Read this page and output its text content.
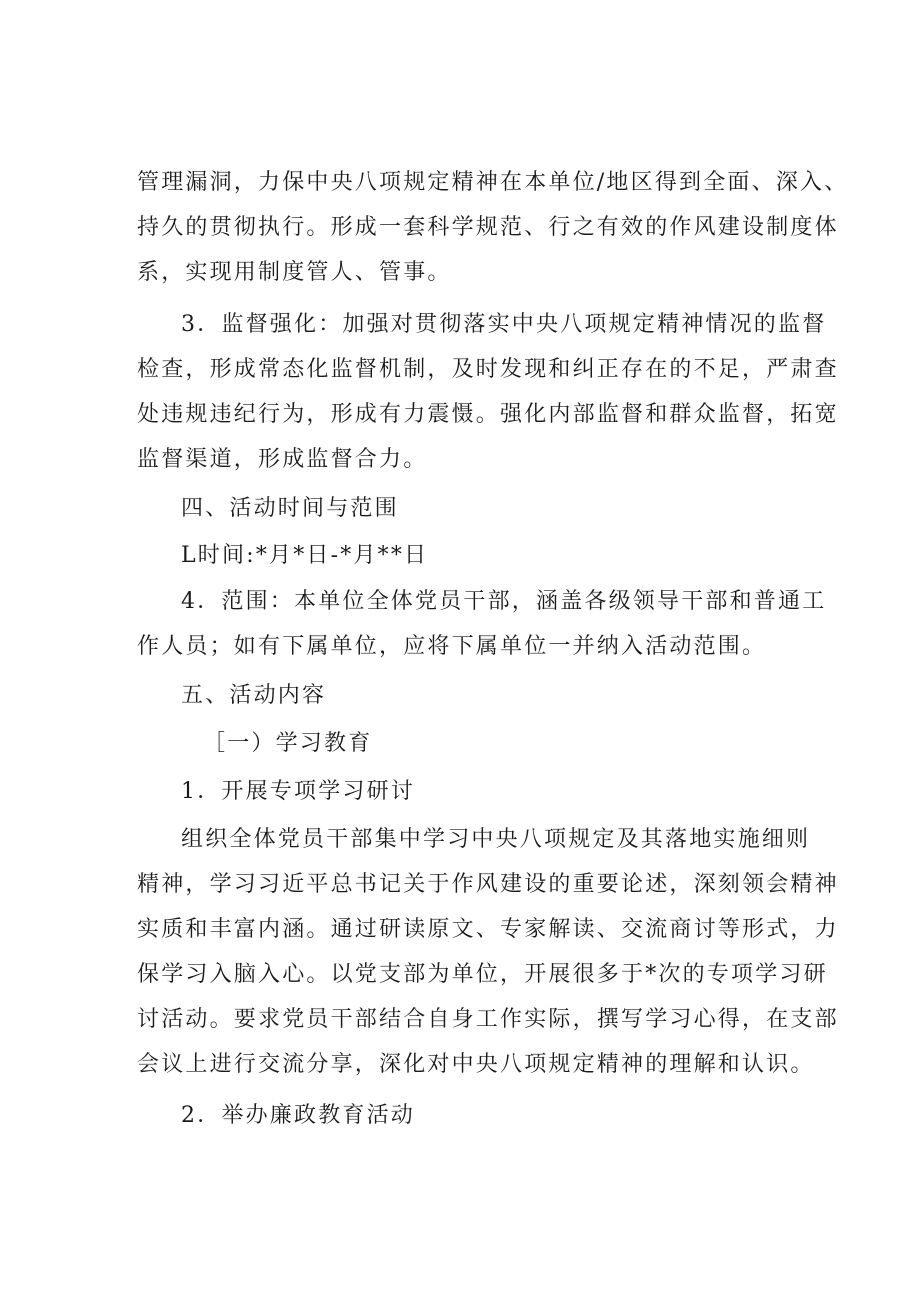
管理漏洞，力保中央八项规定精神在本单位/地区得到全面、深入、
持久的贯彻执行。形成一套科学规范、行之有效的作风建设制度体
系，实现用制度管人、管事。
3．监督强化：加强对贯彻落实中央八项规定精神情况的监督
检查，形成常态化监督机制，及时发现和纠正存在的不足，严肃查
处违规违纪行为，形成有力震慑。强化内部监督和群众监督，拓宽
监督渠道，形成监督合力。
四、活动时间与范围
L时间:*月*日-*月**日
4．范围：本单位全体党员干部，涵盖各级领导干部和普通工
作人员；如有下属单位，应将下属单位一并纳入活动范围。
五、活动内容
［一）学习教育
1．开展专项学习研讨
组织全体党员干部集中学习中央八项规定及其落地实施细则
精神，学习习近平总书记关于作风建设的重要论述，深刻领会精神
实质和丰富内涵。通过研读原文、专家解读、交流商讨等形式，力
保学习入脑入心。以党支部为单位，开展很多于*次的专项学习研
讨活动。要求党员干部结合自身工作实际，撰写学习心得，在支部
会议上进行交流分享，深化对中央八项规定精神的理解和认识。
2．举办廉政教育活动
